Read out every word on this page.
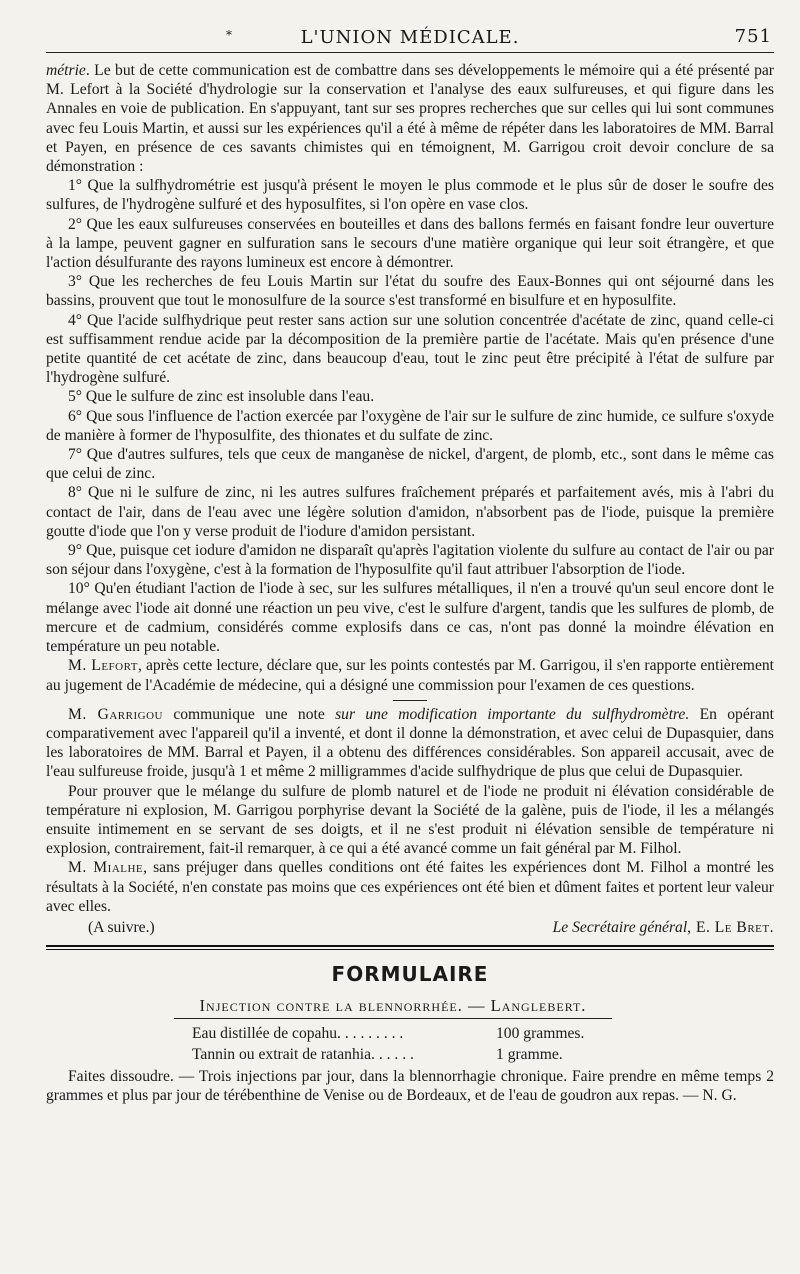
*	L'UNION MÉDICALE.	751

métrie. Le but de cette communication est de combattre dans ses développements le mémoire qui a été présenté par M. Lefort à la Société d'hydrologie sur la conservation et l'analyse des eaux sulfureuses, et qui figure dans les Annales en voie de publication. En s'appuyant, tant sur ses propres recherches que sur celles qui lui sont communes avec feu Louis Martin, et aussi sur les expériences qu'il a été à même de répéter dans les laboratoires de MM. Barral et Payen, en présence de ces savants chimistes qui en témoignent, M. Garrigou croit devoir conclure de sa démonstration :

1° Que la sulfhydrométrie est jusqu'à présent le moyen le plus commode et le plus sûr de doser le soufre des sulfures, de l'hydrogène sulfuré et des hyposulfites, si l'on opère en vase clos.

2° Que les eaux sulfureuses conservées en bouteilles et dans des ballons fermés en faisant fondre leur ouverture à la lampe, peuvent gagner en sulfuration sans le secours d'une matière organique qui leur soit étrangère, et que l'action désulfurante des rayons lumineux est encore à démontrer.

3° Que les recherches de feu Louis Martin sur l'état du soufre des Eaux-Bonnes qui ont séjourné dans les bassins, prouvent que tout le monosulfure de la source s'est transformé en bisulfure et en hyposulfite.

4° Que l'acide sulfhydrique peut rester sans action sur une solution concentrée d'acétate de zinc, quand celle-ci est suffisamment rendue acide par la décomposition de la première partie de l'acétate. Mais qu'en présence d'une petite quantité de cet acétate de zinc, dans beaucoup d'eau, tout le zinc peut être précipité à l'état de sulfure par l'hydrogène sulfuré.

5° Que le sulfure de zinc est insoluble dans l'eau.

6° Que sous l'influence de l'action exercée par l'oxygène de l'air sur le sulfure de zinc humide, ce sulfure s'oxyde de manière à former de l'hyposulfite, des thionates et du sulfate de zinc.

7° Que d'autres sulfures, tels que ceux de manganèse de nickel, d'argent, de plomb, etc., sont dans le même cas que celui de zinc.

8° Que ni le sulfure de zinc, ni les autres sulfures fraîchement préparés et parfaitement avés, mis à l'abri du contact de l'air, dans de l'eau avec une légère solution d'amidon, n'absorbent pas de l'iode, puisque la première goutte d'iode que l'on y verse produit de l'iodure d'amidon persistant.

9° Que, puisque cet iodure d'amidon ne disparaît qu'après l'agitation violente du sulfure au contact de l'air ou par son séjour dans l'oxygène, c'est à la formation de l'hyposulfite qu'il faut attribuer l'absorption de l'iode.

10° Qu'en étudiant l'action de l'iode à sec, sur les sulfures métalliques, il n'en a trouvé qu'un seul encore dont le mélange avec l'iode ait donné une réaction un peu vive, c'est le sulfure d'argent, tandis que les sulfures de plomb, de mercure et de cadmium, considérés comme explosifs dans ce cas, n'ont pas donné la moindre élévation en température un peu notable.

M. Lefort, après cette lecture, déclare que, sur les points contestés par M. Garrigou, il s'en rapporte entièrement au jugement de l'Académie de médecine, qui a désigné une commission pour l'examen de ces questions.

M. Garrigou communique une note sur une modification importante du sulfhydromètre. En opérant comparativement avec l'appareil qu'il a inventé, et dont il donne la démonstration, et avec celui de Dupasquier, dans les laboratoires de MM. Barral et Payen, il a obtenu des différences considérables. Son appareil accusait, avec de l'eau sulfureuse froide, jusqu'à 1 et même 2 milligrammes d'acide sulfhydrique de plus que celui de Dupasquier.

Pour prouver que le mélange du sulfure de plomb naturel et de l'iode ne produit ni élévation considérable de température ni explosion, M. Garrigou porphyrise devant la Société de la galène, puis de l'iode, il les a mélangés ensuite intimement en se servant de ses doigts, et il ne s'est produit ni élévation sensible de température ni explosion, contrairement, fait-il remarquer, à ce qui a été avancé comme un fait général par M. Filhol.

M. Mialhe, sans préjuger dans quelles conditions ont été faites les expériences dont M. Filhol a montré les résultats à la Société, n'en constate pas moins que ces expériences ont été bien et dûment faites et portent leur valeur avec elles.

(A suivre.)	Le Secrétaire général, E. Le Bret.
FORMULAIRE
Injection contre la blennorrhée. — Langlebert.
Eau distillée de copahu. . . . . . . . .	100 grammes.
Tannin ou extrait de ratanhia. . . . . .	1 gramme.

Faites dissoudre. — Trois injections par jour, dans la blennorrhagie chronique. Faire prendre en même temps 2 grammes et plus par jour de térébenthine de Venise ou de Bordeaux, et de l'eau de goudron aux repas. — N. G.
